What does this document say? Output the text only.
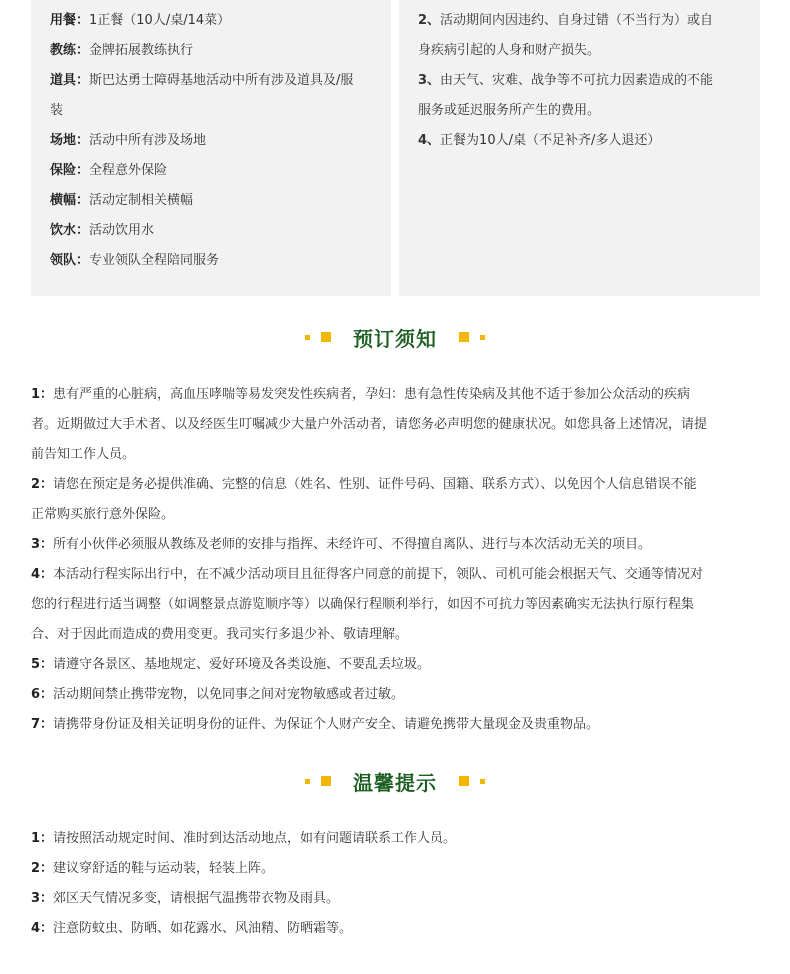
用餐：1正餐（10人/桌/14菜）
教练：金牌拓展教练执行
道具：斯巴达勇士障碍基地活动中所有涉及道具及/服
装
场地：活动中所有涉及场地
保险：全程意外保险
横幅：活动定制相关横幅
饮水：活动饮用水
领队：专业领队全程陪同服务
2、活动期间内因违约、自身过错（不当行为）或自
身疾病引起的人身和财产损失。
3、由天气、灾难、战争等不可抗力因素造成的不能
服务或延迟服务所产生的费用。
4、正餐为10人/桌（不足补齐/多人退还）
预订须知
1：患有严重的心脏病，高血压哮喘等易发突发性疾病者，孕妇：患有急性传染病及其他不适于参加公众活动的疾病
者。近期做过大手术者、以及经医生叮嘱减少大量户外活动者，请您务必声明您的健康状况。如您具备上述情况，请提
前告知工作人员。
2：请您在预定是务必提供准确、完整的信息（姓名、性别、证件号码、国籍、联系方式）、以免因个人信息错误不能
正常购买旅行意外保险。
3：所有小伙伴必须服从教练及老师的安排与指挥、未经许可、不得擅自离队、进行与本次活动无关的项目。
4：本活动行程实际出行中，在不减少活动项目且征得客户同意的前提下，领队、司机可能会根据天气、交通等情况对
您的行程进行适当调整（如调整景点游览顺序等）以确保行程顺利举行，如因不可抗力等因素确实无法执行原行程集
合、对于因此而造成的费用变更。我司实行多退少补、敬请理解。
5：请遵守各景区、基地规定、爱好环境及各类设施、不要乱丢垃圾。
6：活动期间禁止携带宠物，以免同事之间对宠物敏感或者过敏。
7：请携带身份证及相关证明身份的证件、为保证个人财产安全、请避免携带大量现金及贵重物品。
温馨提示
1：请按照活动规定时间、准时到达活动地点，如有问题请联系工作人员。
2：建议穿舒适的鞋与运动装，轻装上阵。
3：郊区天气情况多变，请根据气温携带衣物及雨具。
4：注意防蚊虫、防晒、如花露水、风油精、防晒霜等。
